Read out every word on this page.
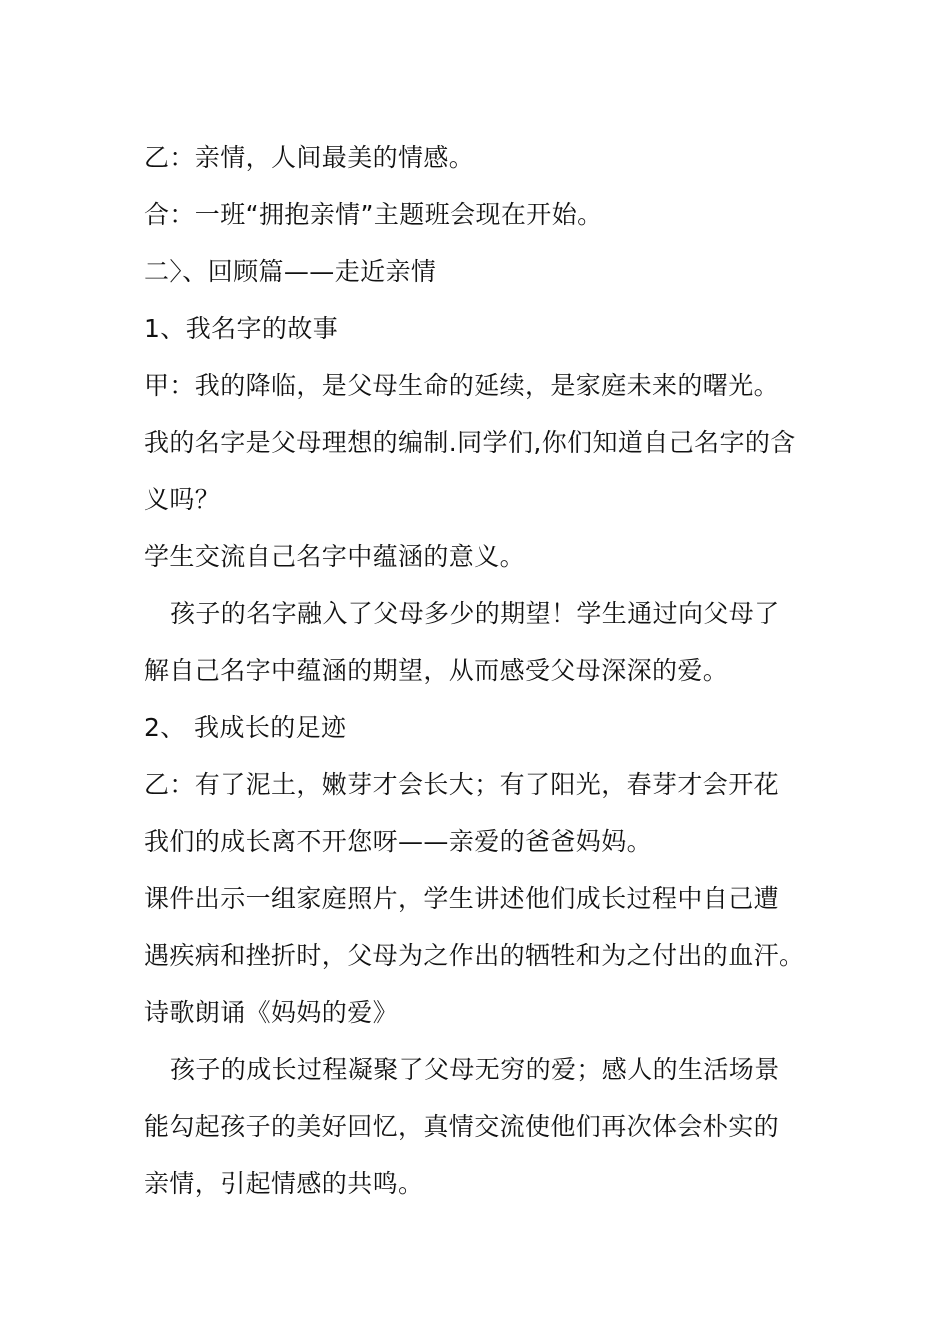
乙：亲情，人间最美的情感。

合：一班“拥抱亲情”主题班会现在开始。

二〉、回顾篇——走近亲情

1、我名字的故事

甲：我的降临，是父母生命的延续，是家庭未来的曙光。

我的名字是父母理想的编制.同学们,你们知道自己名字的含

义吗？

学生交流自己名字中蕴涵的意义。

孩子的名字融入了父母多少的期望！学生通过向父母了

解自己名字中蕴涵的期望，从而感受父母深深的爱。

2、 我成长的足迹

乙：有了泥土，嫩芽才会长大；有了阳光，春芽才会开花

我们的成长离不开您呀——亲爱的爸爸妈妈。

课件出示一组家庭照片，学生讲述他们成长过程中自己遭

遇疾病和挫折时，父母为之作出的牺牲和为之付出的血汗。

诗歌朗诵《妈妈的爱》

孩子的成长过程凝聚了父母无穷的爱；感人的生活场景

能勾起孩子的美好回忆，真情交流使他们再次体会朴实的

亲情，引起情感的共鸣。
